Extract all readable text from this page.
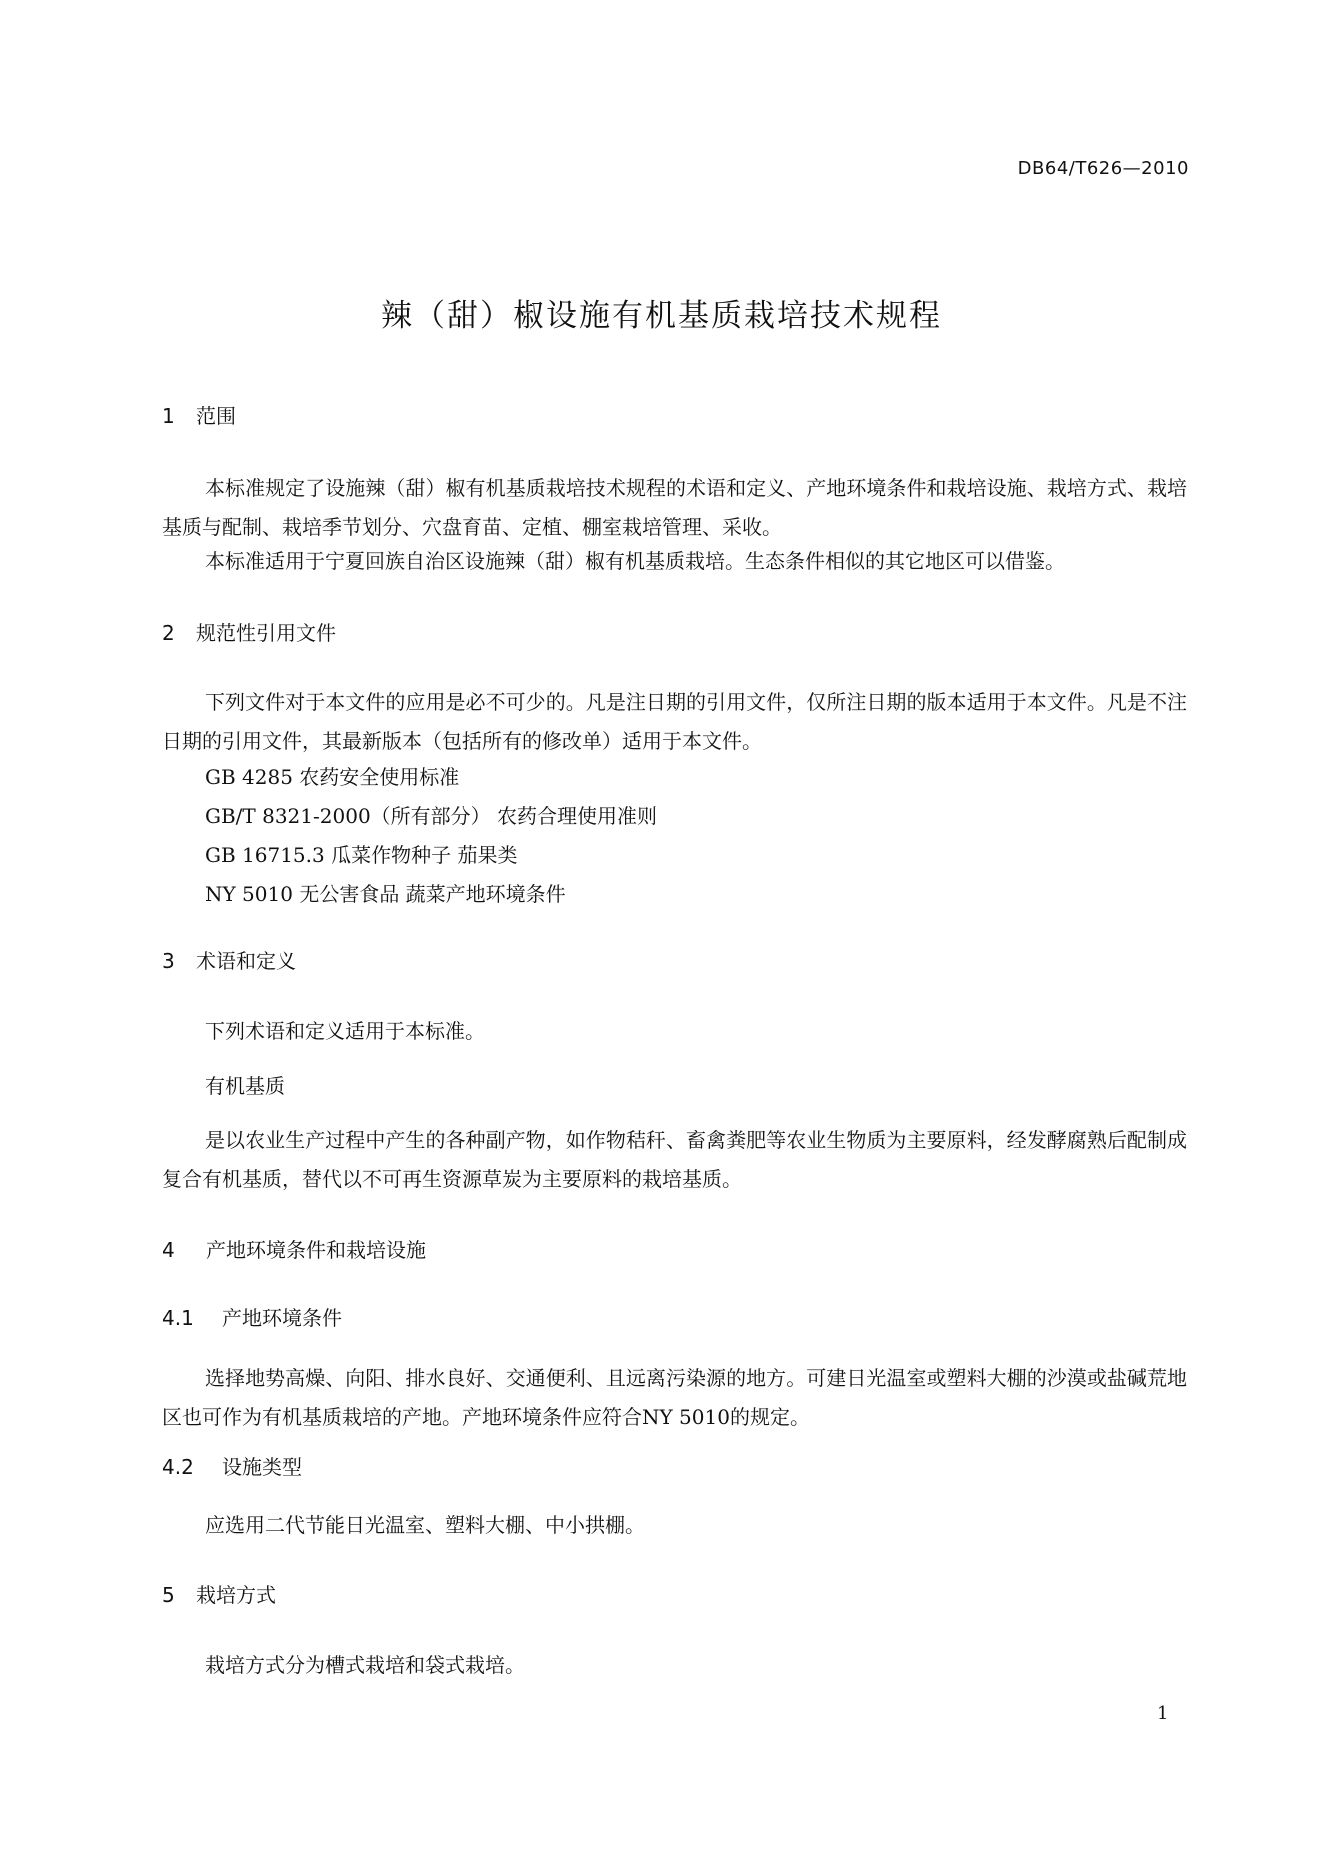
DB64/T626—2010
辣（甜）椒设施有机基质栽培技术规程
1 范围
本标准规定了设施辣（甜）椒有机基质栽培技术规程的术语和定义、产地环境条件和栽培设施、栽培方式、栽培基质与配制、栽培季节划分、穴盘育苗、定植、棚室栽培管理、采收。
本标准适用于宁夏回族自治区设施辣（甜）椒有机基质栽培。生态条件相似的其它地区可以借鉴。
2 规范性引用文件
下列文件对于本文件的应用是必不可少的。凡是注日期的引用文件，仅所注日期的版本适用于本文件。凡是不注日期的引用文件，其最新版本（包括所有的修改单）适用于本文件。
GB 4285 农药安全使用标准
GB/T 8321-2000（所有部分） 农药合理使用准则
GB 16715.3 瓜菜作物种子 茄果类
NY 5010 无公害食品 蔬菜产地环境条件
3 术语和定义
下列术语和定义适用于本标准。
有机基质
是以农业生产过程中产生的各种副产物，如作物秸秆、畜禽粪肥等农业生物质为主要原料，经发酵腐熟后配制成复合有机基质，替代以不可再生资源草炭为主要原料的栽培基质。
4 产地环境条件和栽培设施
4.1 产地环境条件
选择地势高燥、向阳、排水良好、交通便利、且远离污染源的地方。可建日光温室或塑料大棚的沙漠或盐碱荒地区也可作为有机基质栽培的产地。产地环境条件应符合NY 5010的规定。
4.2 设施类型
应选用二代节能日光温室、塑料大棚、中小拱棚。
5 栽培方式
栽培方式分为槽式栽培和袋式栽培。
1
